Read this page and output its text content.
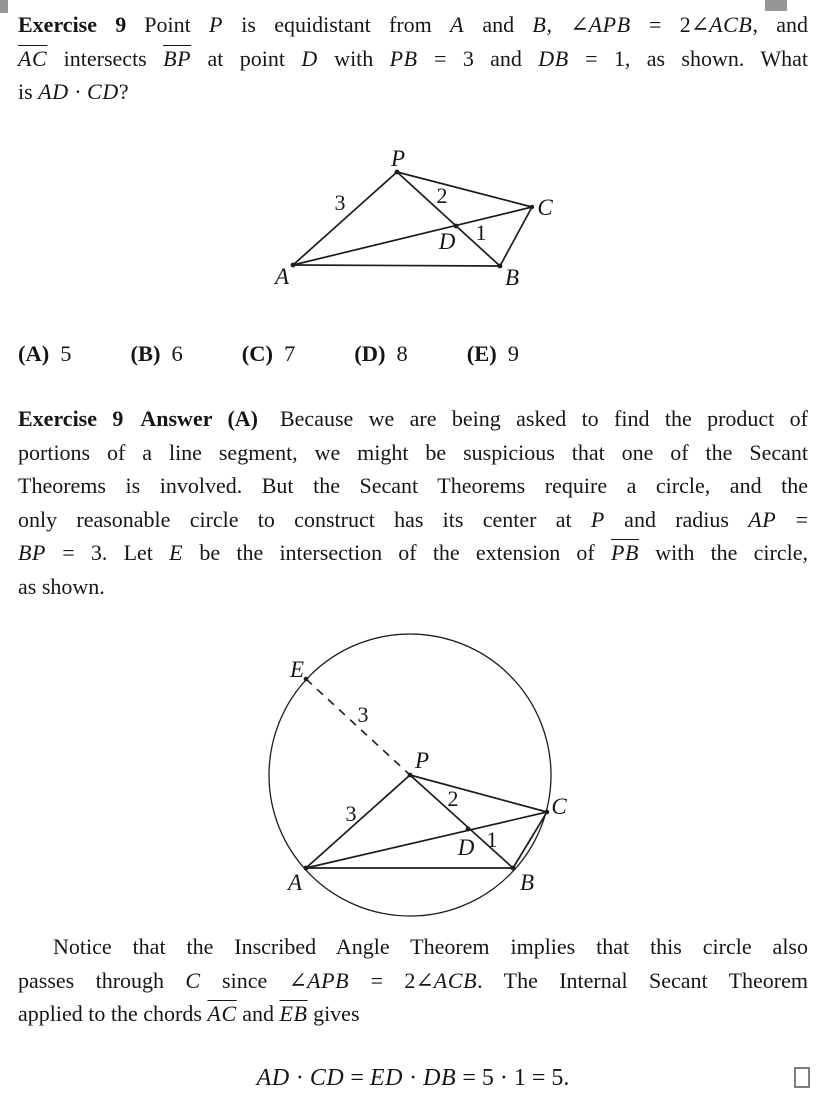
Exercise 9 Point P is equidistant from A and B, ∠APB = 2∠ACB, and
$\overline{AC}$ intersects $\overline{BP}$ at point D with PB = 3 and DB = 1, as shown. What
is AD · CD?
P
A	B
C
D
3	2
1
(A) 5	(B) 6	(C) 7	(D) 8	(E) 9
Exercise 9 Answer (A) Because we are being asked to find the product of
portions of a line segment, we might be suspicious that one of the Secant
Theorems is involved. But the Secant Theorems require a circle, and the
only reasonable circle to construct has its center at P and radius AP =
BP = 3. Let E be the intersection of the extension of $\overline{PB}$ with the circle,
as shown.
E
P
A	B
C
D
3
3
2
1
Notice that the Inscribed Angle Theorem implies that this circle also
passes through C since ∠APB = 2∠ACB. The Internal Secant Theorem
applied to the chords $\overline{AC}$ and $\overline{EB}$ gives
AD · CD = ED · DB = 5 · 1 = 5.
